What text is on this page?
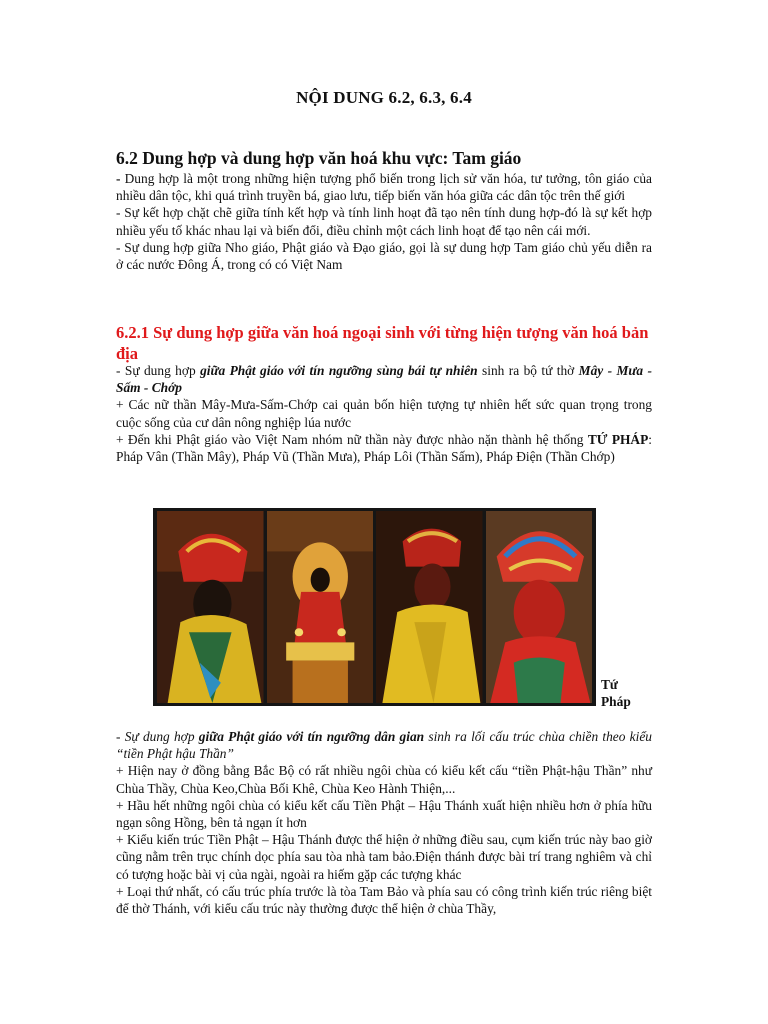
NỘI DUNG 6.2, 6.3, 6.4
6.2 Dung hợp và dung hợp văn hoá khu vực: Tam giáo

- Dung hợp là một trong những hiện tượng phổ biến trong lịch sử văn hóa, tư tưởng, tôn giáo của nhiều dân tộc, khi quá trình truyền bá, giao lưu, tiếp biến văn hóa giữa các dân tộc trên thế giới

- Sự kết hợp chặt chẽ giữa tính kết hợp và tính linh hoạt đã tạo nên tính dung hợp-đó là sự kết hợp nhiều yếu tố khác nhau lại và biến đổi, điều chỉnh một cách linh hoạt để tạo nên cái mới.

- Sự dung hợp giữa Nho giáo, Phật giáo và Đạo giáo, gọi là sự dung hợp Tam giáo chủ yếu diễn ra ở các nước Đông Á, trong có có Việt Nam

6.2.1 Sự dung hợp giữa văn hoá ngoại sinh với từng hiện tượng văn hoá bản địa

- Sự dung hợp giữa Phật giáo với tín ngưỡng sùng bái tự nhiên sinh ra bộ tứ thờ Mây - Mưa - Sấm - Chớp

+ Các nữ thần Mây-Mưa-Sấm-Chớp cai quản bốn hiện tượng tự nhiên hết sức quan trọng trong cuộc sống của cư dân nông nghiệp lúa nước

+ Đến khi Phật giáo vào Việt Nam nhóm nữ thần này được nhào nặn thành hệ thống TỨ PHÁP: Pháp Vân (Thần Mây), Pháp Vũ (Thần Mưa), Pháp Lôi (Thần Sấm), Pháp Điện (Thần Chớp)

- Sự dung hợp giữa Phật giáo với tín ngưỡng dân gian sinh ra lối cấu trúc chùa chiền theo kiểu “tiền Phật hậu Thần”

+ Hiện nay ở đồng bằng Bắc Bộ có rất nhiều ngôi chùa có kiểu kết cấu “tiền Phật-hậu Thần” như Chùa Thầy, Chùa Keo,Chùa Bối Khê, Chùa Keo Hành Thiện,...

+ Hầu hết những ngôi chùa có kiểu kết cấu Tiền Phật – Hậu Thánh xuất hiện nhiều hơn ở phía hữu ngạn sông Hồng, bên tả ngạn ít hơn

+ Kiểu kiến trúc Tiền Phật – Hậu Thánh được thể hiện ở những điều sau, cụm kiến trúc này bao giờ cũng nằm trên trục chính dọc phía sau tòa nhà tam bảo.Điện thánh được bài trí trang nghiêm và chỉ có tượng hoặc bài vị của ngài, ngoài ra hiếm gặp các tượng khác

+ Loại thứ nhất, có cấu trúc phía trước là tòa Tam Bảo và phía sau có công trình kiến trúc riêng biệt để thờ Thánh, với kiểu cấu trúc này thường được thể hiện ở chùa Thầy,

Tứ Pháp
